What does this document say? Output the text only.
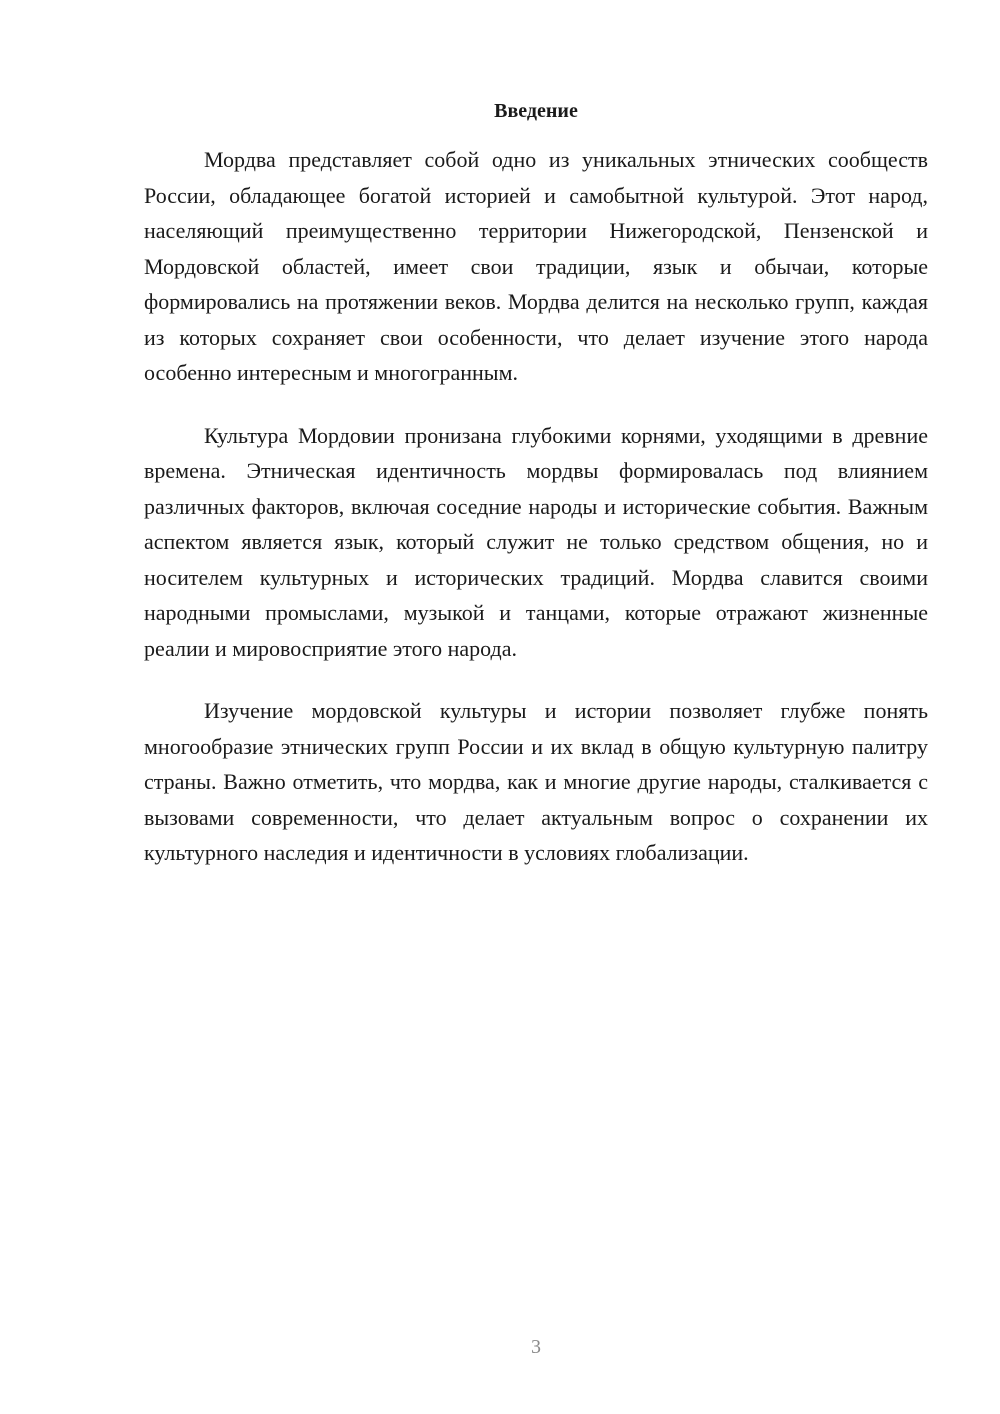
Введение

Мордва представляет собой одно из уникальных этнических сообществ России, обладающее богатой историей и самобытной культурой. Этот народ, населяющий преимущественно территории Нижегородской, Пензенской и Мордовской областей, имеет свои традиции, язык и обычаи, которые формировались на протяжении веков. Мордва делится на несколько групп, каждая из которых сохраняет свои особенности, что делает изучение этого народа особенно интересным и многогранным.

Культура Мордовии пронизана глубокими корнями, уходящими в древние времена. Этническая идентичность мордвы формировалась под влиянием различных факторов, включая соседние народы и исторические события. Важным аспектом является язык, который служит не только средством общения, но и носителем культурных и исторических традиций. Мордва славится своими народными промыслами, музыкой и танцами, которые отражают жизненные реалии и мировосприятие этого народа.

Изучение мордовской культуры и истории позволяет глубже понять многообразие этнических групп России и их вклад в общую культурную палитру страны. Важно отметить, что мордва, как и многие другие народы, сталкивается с вызовами современности, что делает актуальным вопрос о сохранении их культурного наследия и идентичности в условиях глобализации.

3
